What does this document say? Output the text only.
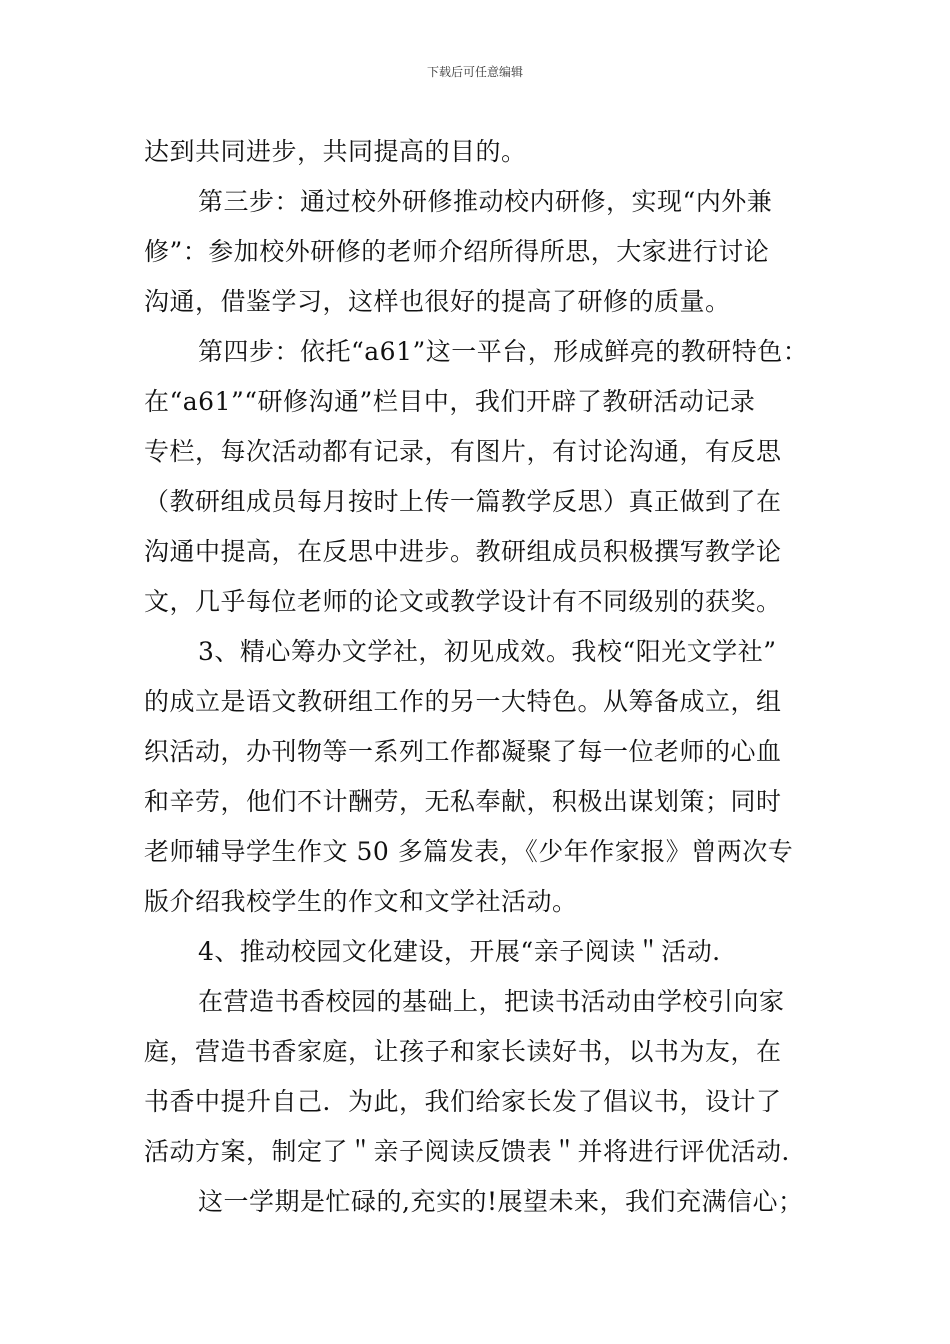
下载后可任意编辑
达到共同进步，共同提高的目的。
第三步：通过校外研修推动校内研修，实现“内外兼
修”：参加校外研修的老师介绍所得所思，大家进行讨论
沟通，借鉴学习，这样也很好的提高了研修的质量。
第四步：依托“a61”这一平台，形成鲜亮的教研特色：
在“a61”“研修沟通”栏目中，我们开辟了教研活动记录
专栏，每次活动都有记录，有图片，有讨论沟通，有反思
（教研组成员每月按时上传一篇教学反思）真正做到了在
沟通中提高，在反思中进步。教研组成员积极撰写教学论
文，几乎每位老师的论文或教学设计有不同级别的获奖。
3、精心筹办文学社，初见成效。我校“阳光文学社”
的成立是语文教研组工作的另一大特色。从筹备成立，组
织活动，办刊物等一系列工作都凝聚了每一位老师的心血
和辛劳，他们不计酬劳，无私奉献，积极出谋划策；同时
老师辅导学生作文 50 多篇发表，《少年作家报》曾两次专
版介绍我校学生的作文和文学社活动。
4、推动校园文化建设，开展“亲子阅读＂活动．
在营造书香校园的基础上，把读书活动由学校引向家
庭，营造书香家庭，让孩子和家长读好书，以书为友，在
书香中提升自己．为此，我们给家长发了倡议书，设计了
活动方案，制定了＂亲子阅读反馈表＂并将进行评优活动．
这一学期是忙碌的,充实的!展望未来，我们充满信心；
